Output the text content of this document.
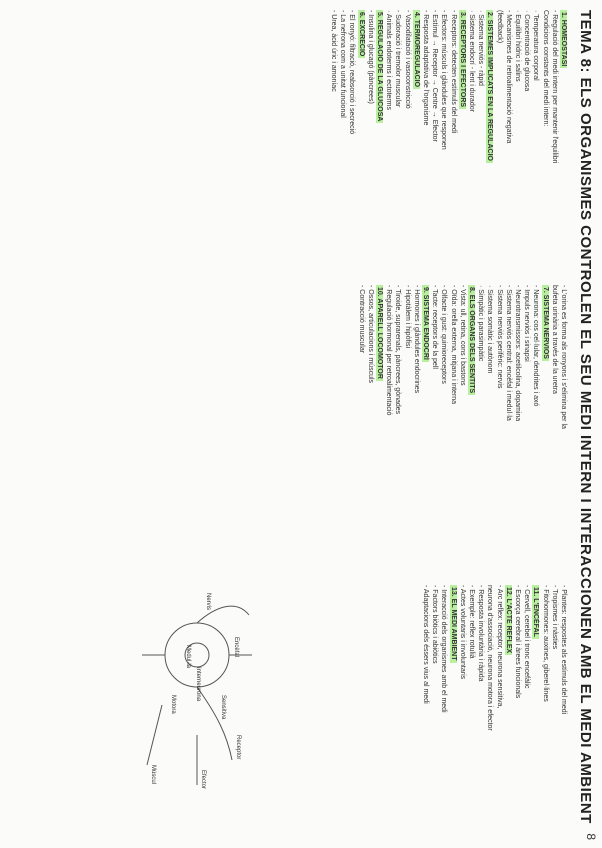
TEMA 8: ELS ORGANISMES CONTROLEN EL SEU MEDI INTERN I INTERACCIONEN AMB EL MEDI AMBIENT
8
1. HOMEÒSTASI
- Regulació del medi intern per mantenir l'equilibri
Condicions constants del medi intern:
· Temperatura corporal
· Concentració de glucosa
· Equilibri hídric i salins
- Mecanismes de retroalimentació negativa
(feedback)
2. SISTEMES IMPLICATS EN LA REGULACIÓ
· Sistema nerviós - ràpid
· Sistema endocrí - lent i durador
3. RECEPTORS I EFECTORS
- Receptors: detecten estímuls del medi
- Efectors: músculs i glàndules que responen
- Estímul → Receptor → Centre → Efector
- Resposta adaptativa de l'organisme
4. TERMOREGULACIÓ
- Vasodilatació i vasoconstricció
- Sudoració i tremolor muscular
· Animals endoterms i ectoterms
5. REGULACIÓ DE LA GLUCOSA
- Insulina i glucagó (pàncrees)
6. EXCRECIÓ
- El ronyó: filtració, reabsorció i secreció
- La nefrona com a unitat funcional
- Urea, àcid úric i amoníac
- L'orina es forma als ronyons i s'elimina per la
bufeta urinària a través de la uretra
7. SISTEMA NERVIÓS
- Neurona: cos cel·lular, dendrites i axó
- Impuls nerviós i sinapsi
- Neurotransmissors: acetilcolina, dopamina
- Sistema nerviós central: encèfal i medul·la
- Sistema nerviós perifèric: nervis
· Sistema somàtic i autònom
· Simpàtic i parasimpàtic
8. ELS ÒRGANS DELS SENTITS
- Vista: ull, retina, cons i bastons
- Oïda: orella externa, mitjana i interna
- Olfacte i gust: quimioreceptors
- Tacte: receptors de la pell
9. SISTEMA ENDOCRÍ
- Hormones i glàndules endocrines
- Hipotàlem i hipòfisi
- Tiroide, suprarenals, pàncrees, gònades
- Regulació hormonal per retroalimentació
10. APARELL LOCOMOTOR
- Ossos, articulacions i músculs
- Contracció muscular
- Plantes: respostes als estímuls del medi
- Tropismes i nàsties
- Fitohormones: auxines, giberel·lines
11. L'ENCÈFAL
- Cervell, cerebel i tronc encefàlic
- Escorça cerebral i àrees funcionals
12. L'ACTE REFLEX
- Arc reflex: receptor, neurona sensitiva,
neurona d'associació, neurona motora i efector
- Resposta involuntària i ràpida
- Exemple: reflex rotulià
- Actes voluntaris i involuntaris
13. EL MEDI AMBIENT
- Interacció dels organismes amb el medi
- Factors biòtics i abiòtics
- Adaptacions dels éssers vius al medi
Encèfal
Medul·la
Nervis
Receptor
Efector
Múscul
Sensitiva
Motora
Interneurona
